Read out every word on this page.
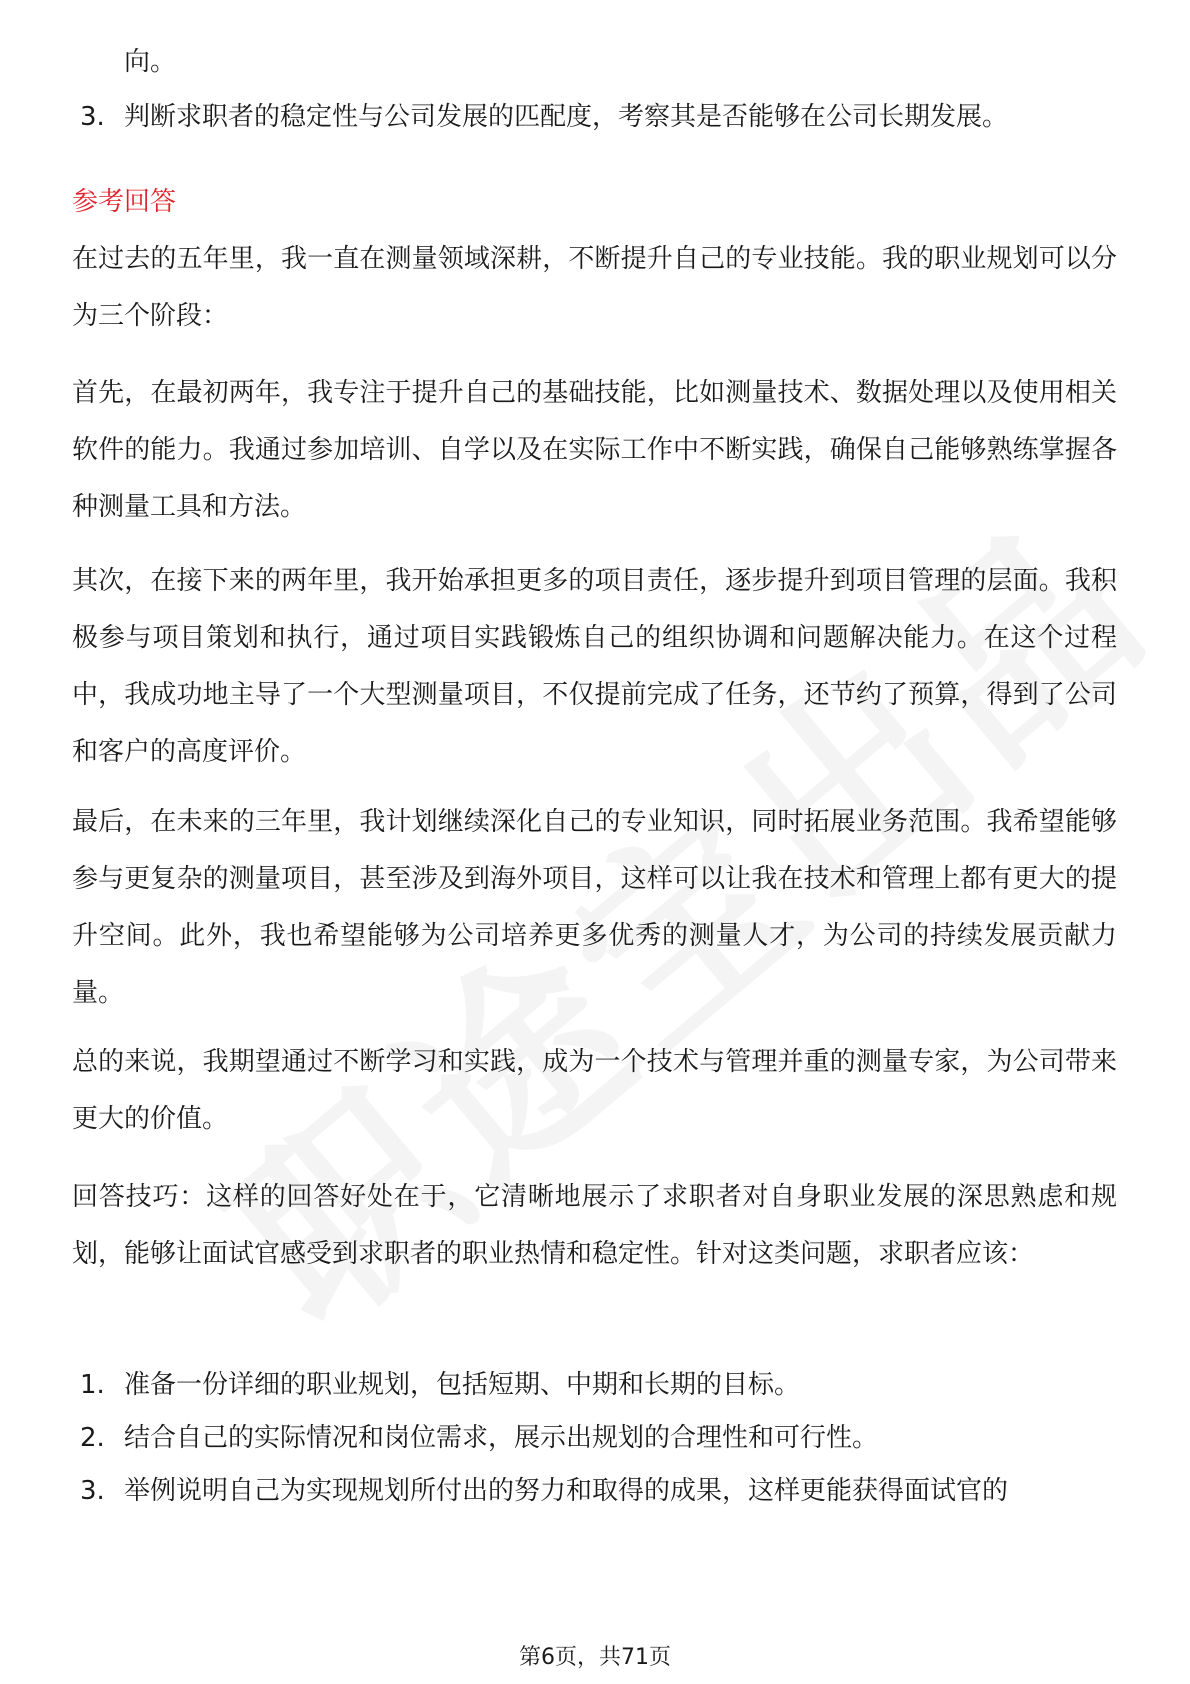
向。
3. 判断求职者的稳定性与公司发展的匹配度，考察其是否能够在公司长期发展。
参考回答
在过去的五年里，我一直在测量领域深耕，不断提升自己的专业技能。我的职业规划可以分为三个阶段：
首先，在最初两年，我专注于提升自己的基础技能，比如测量技术、数据处理以及使用相关软件的能力。我通过参加培训、自学以及在实际工作中不断实践，确保自己能够熟练掌握各种测量工具和方法。
其次，在接下来的两年里，我开始承担更多的项目责任，逐步提升到项目管理的层面。我积极参与项目策划和执行，通过项目实践锻炼自己的组织协调和问题解决能力。在这个过程中，我成功地主导了一个大型测量项目，不仅提前完成了任务，还节约了预算，得到了公司和客户的高度评价。
最后，在未来的三年里，我计划继续深化自己的专业知识，同时拓展业务范围。我希望能够参与更复杂的测量项目，甚至涉及到海外项目，这样可以让我在技术和管理上都有更大的提升空间。此外，我也希望能够为公司培养更多优秀的测量人才，为公司的持续发展贡献力量。
总的来说，我期望通过不断学习和实践，成为一个技术与管理并重的测量专家，为公司带来更大的价值。
回答技巧：这样的回答好处在于，它清晰地展示了求职者对自身职业发展的深思熟虑和规划，能够让面试官感受到求职者的职业热情和稳定性。针对这类问题，求职者应该：
1. 准备一份详细的职业规划，包括短期、中期和长期的目标。
2. 结合自己的实际情况和岗位需求，展示出规划的合理性和可行性。
3. 举例说明自己为实现规划所付出的努力和取得的成果，这样更能获得面试官的
第6页，共71页
